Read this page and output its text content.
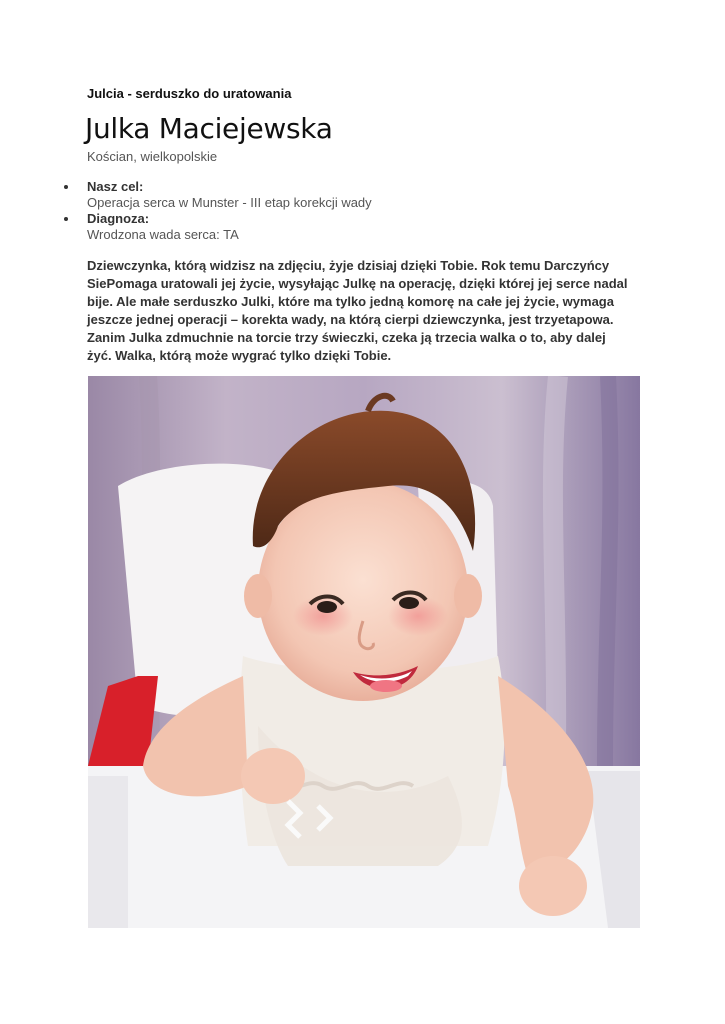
Julcia - serduszko do uratowania
Julka Maciejewska
Kościan, wielkopolskie
Nasz cel:
Operacja serca w Munster - III etap korekcji wady
Diagnoza:
Wrodzona wada serca: TA

Dziewczynka, którą widzisz na zdjęciu, żyje dzisiaj dzięki Tobie. Rok temu Darczyńcy SiePomaga uratowali jej życie, wysyłając Julkę na operację, dzięki której jej serce nadal bije. Ale małe serduszko Julki, które ma tylko jedną komorę na całe jej życie, wymaga jeszcze jednej operacji – korekta wady, na którą cierpi dziewczynka, jest trzyetapowa. Zanim Julka zdmuchnie na torcie trzy świeczki, czeka ją trzecia walka o to, aby dalej żyć. Walka, którą może wygrać tylko dzięki Tobie.
